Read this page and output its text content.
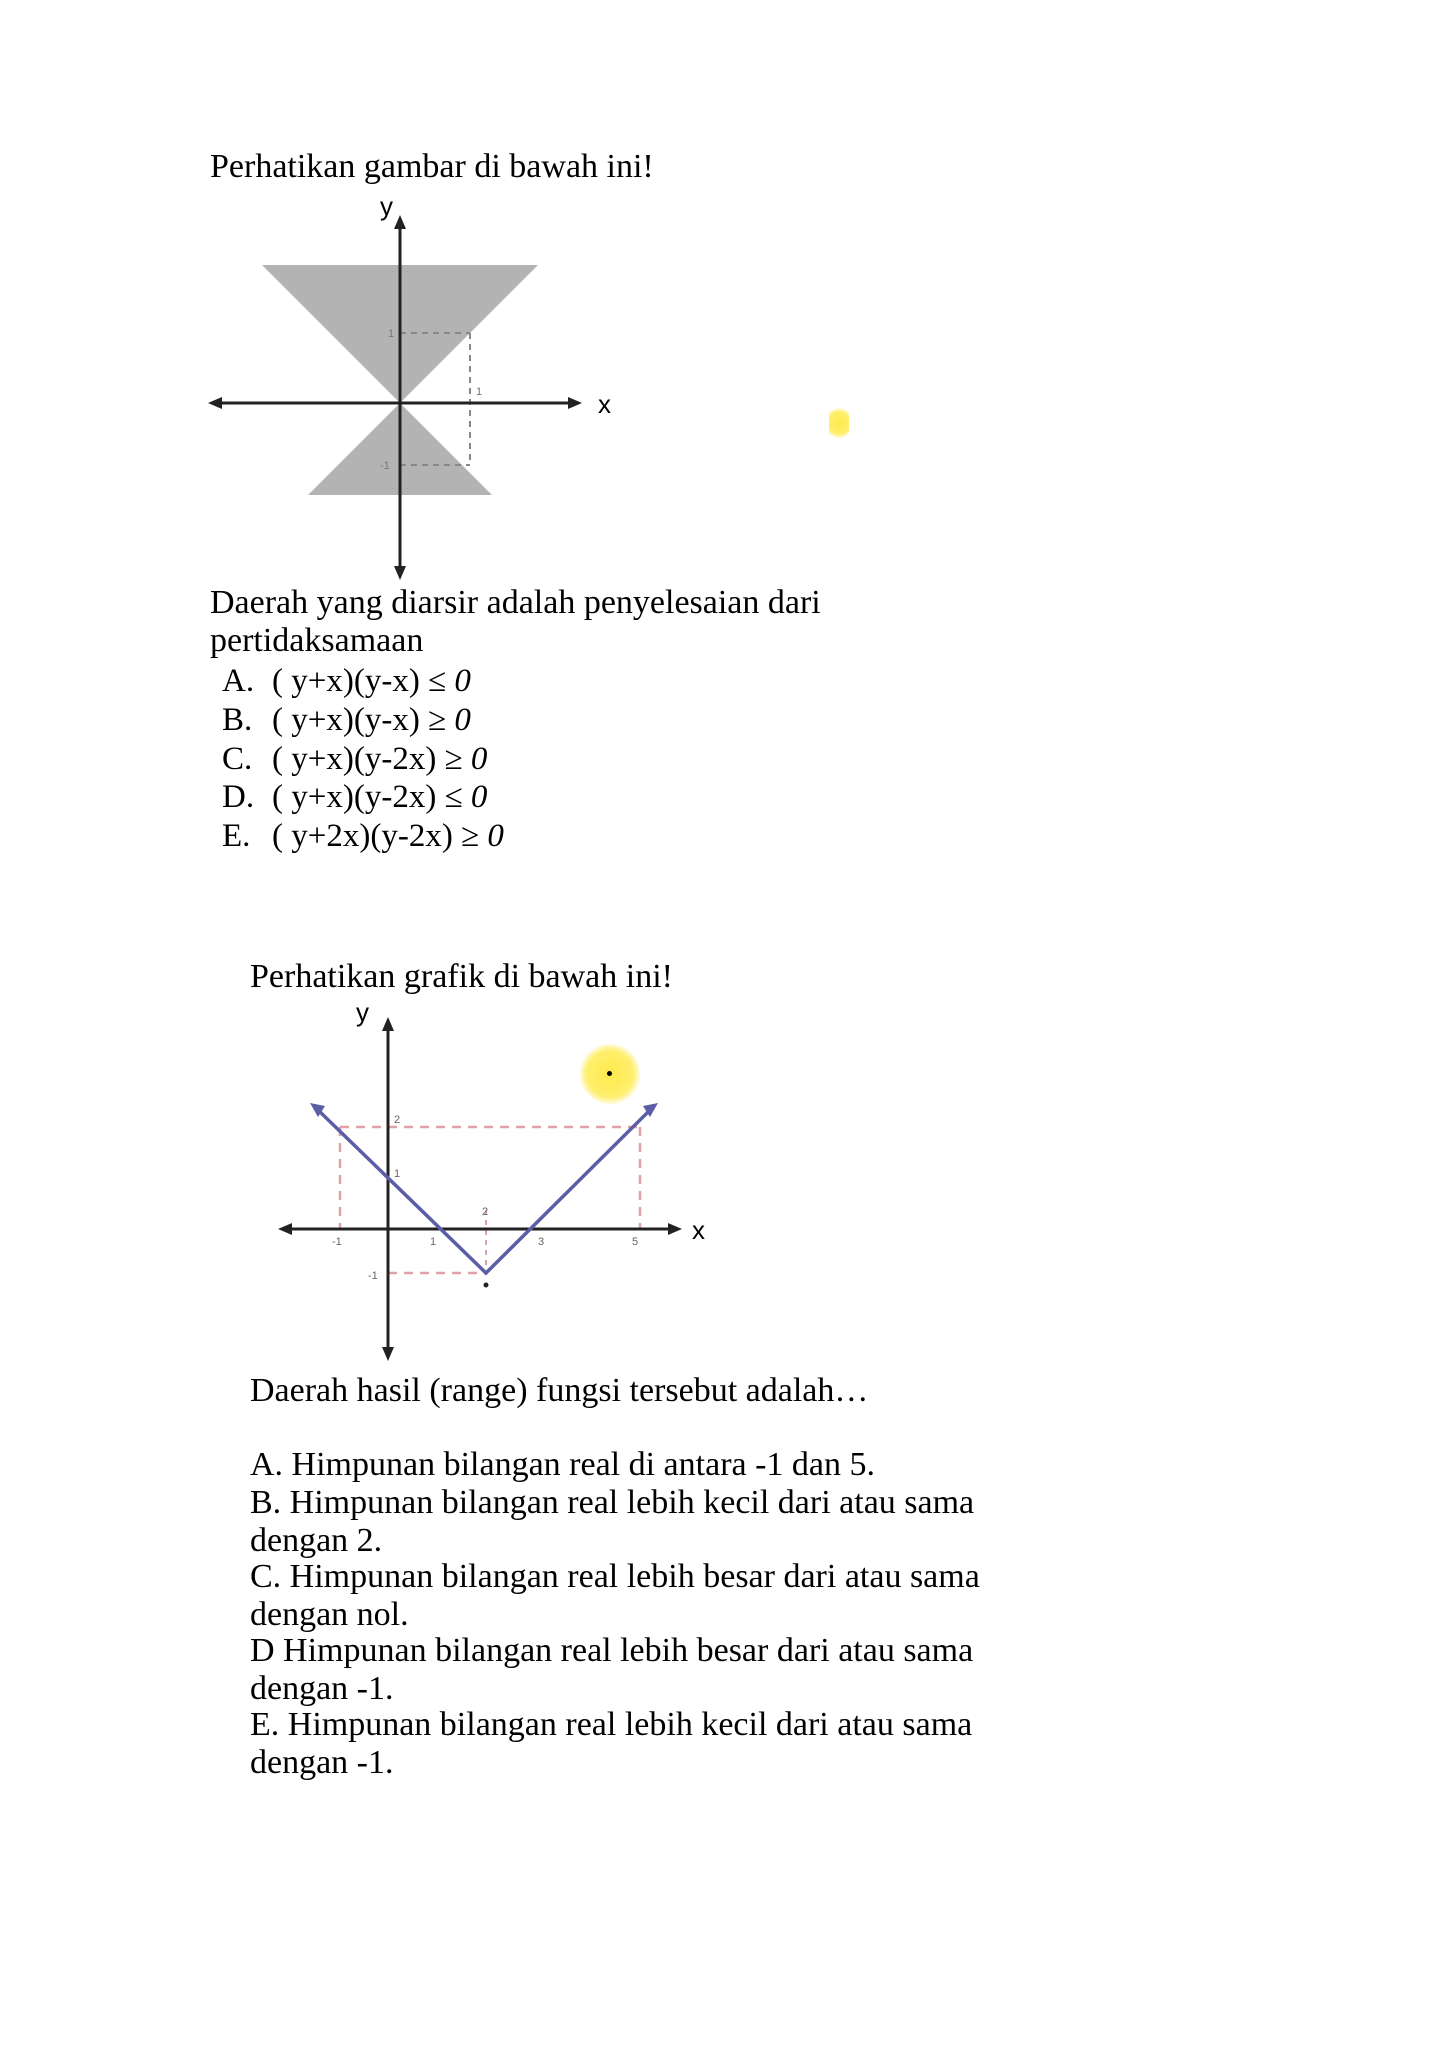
Perhatikan gambar di bawah ini!
x
y
1
1
-1
Daerah yang diarsir adalah penyelesaian dari
pertidaksamaan
A. ( y+x)(y-x) ≤ 0
B. ( y+x)(y-x) ≥ 0
C. ( y+x)(y-2x) ≥ 0
D. ( y+x)(y-2x) ≤ 0
E. ( y+2x)(y-2x) ≥ 0
Perhatikan grafik di bawah ini!
x
y
2
1
-1
-1	1
2
3	5
Daerah hasil (range) fungsi tersebut adalah…
A. Himpunan bilangan real di antara -1 dan 5.
B. Himpunan bilangan real lebih kecil dari atau sama
dengan 2.
C. Himpunan bilangan real lebih besar dari atau sama
dengan nol.
D Himpunan bilangan real lebih besar dari atau sama
dengan -1.
E. Himpunan bilangan real lebih kecil dari atau sama
dengan -1.
